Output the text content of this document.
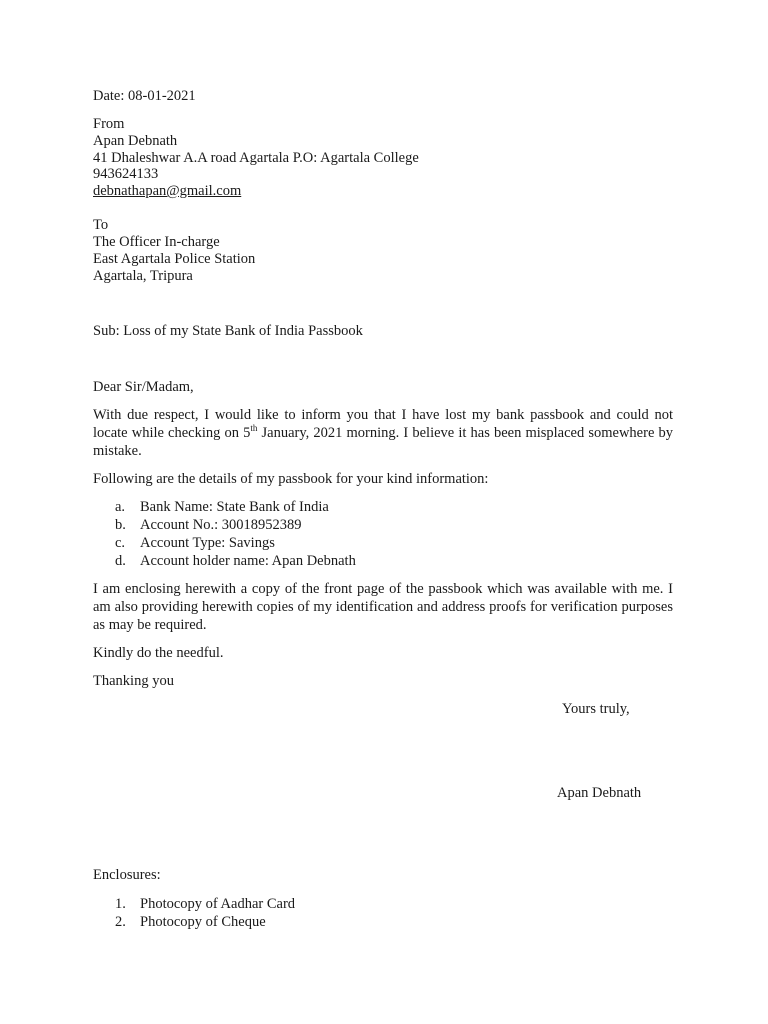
Date: 08-01-2021
From
Apan Debnath
41 Dhaleshwar A.A road Agartala P.O: Agartala College
943624133
debnathapan@gmail.com
To
The Officer In-charge
East Agartala Police Station
Agartala, Tripura
Sub: Loss of my State Bank of India Passbook
Dear Sir/Madam,
With due respect, I would like to inform you that I have lost my bank passbook and could not locate while checking on 5th January, 2021 morning. I believe it has been misplaced somewhere by mistake.
Following are the details of my passbook for your kind information:
a. Bank Name: State Bank of India
b. Account No.: 30018952389
c. Account Type: Savings
d. Account holder name: Apan Debnath
I am enclosing herewith a copy of the front page of the passbook which was available with me. I am also providing herewith copies of my identification and address proofs for verification purposes as may be required.
Kindly do the needful.
Thanking you
Yours truly,
Apan Debnath
Enclosures:
1. Photocopy of Aadhar Card
2. Photocopy of Cheque
